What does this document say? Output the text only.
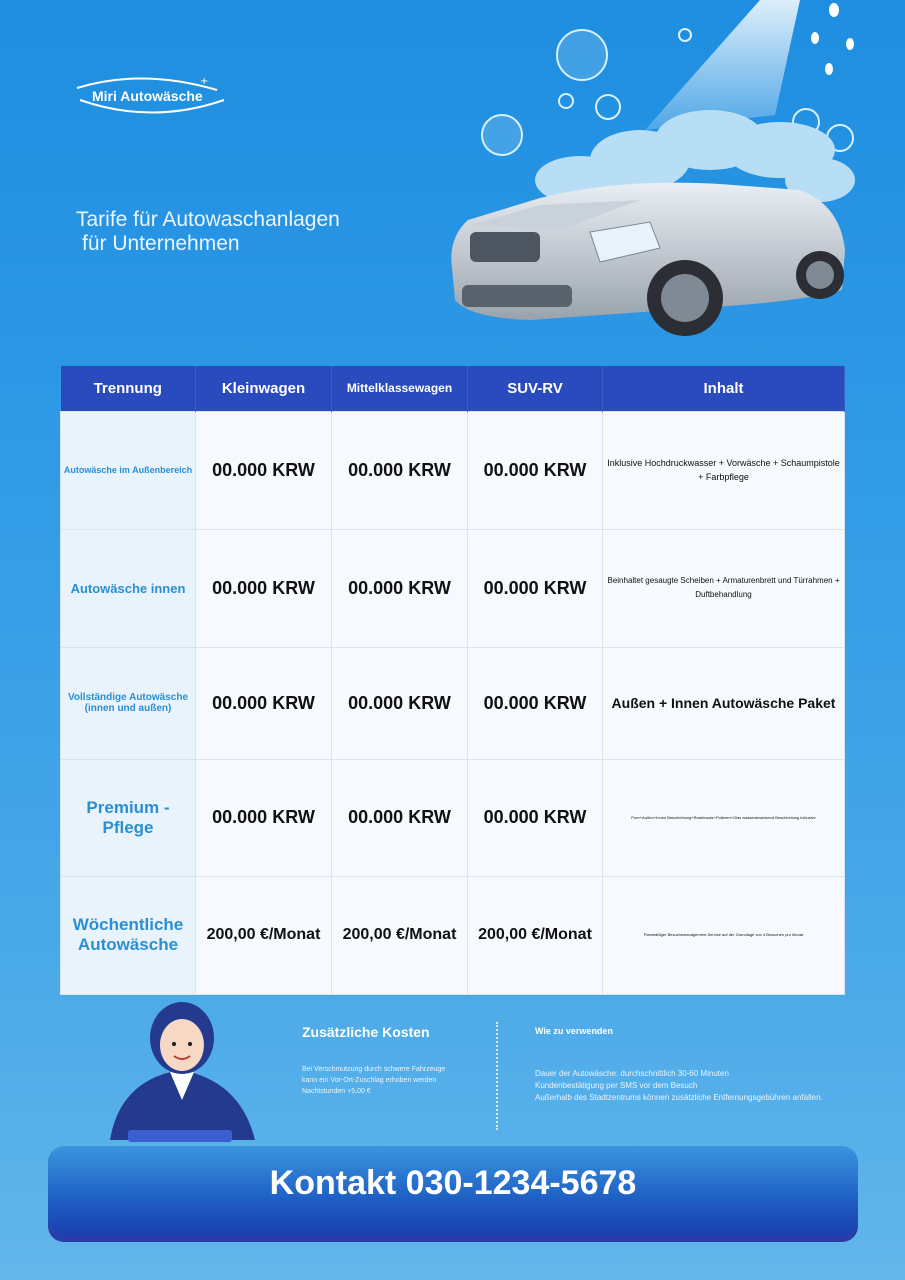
+
Miri Autowäsche
Tarife für Autowaschanlagen
für Unternehmen
Trennung	Kleinwagen	Mittelklassewagen	SUV-RV	Inhalt
Autowäsche im Außenbereich	00.000 KRW	00.000 KRW	00.000 KRW	Inklusive Hochdruckwasser + Vorwäsche + Schaumpistole + Farbpflege
Autowäsche innen	00.000 KRW	00.000 KRW	00.000 KRW	Beinhaltet gesaugte Scheiben + Armaturenbrett und Türrahmen + Duftbehandlung
Vollständige Autowäsche (innen und außen)	00.000 KRW	00.000 KRW	00.000 KRW	Außen + Innen Autowäsche Paket
Premium -Pflege	00.000 KRW	00.000 KRW	00.000 KRW	Pure+Außen+Innen Beschichtung+Radeinsatz+Polieren+Glas wasserabweisend Beschichtung inklusive
Wöchentliche Autowäsche	200,00 €/Monat	200,00 €/Monat	200,00 €/Monat	Planmäßiger Besuchsmanagement-Service auf der Grundlage von 4 Besuchen pro Monat
Zusätzliche Kosten

Bei Verschmutzung durch schwere Fahrzeuge

kann ein Vor-Ort-Zuschlag erhoben werden

Nachtstunden +5,00 €

Wie zu verwenden

Dauer der Autowäsche: durchschnittlich 30-60 Minuten

Kundenbestätigung per SMS vor dem Besuch

Außerhalb des Stadtzentrums können zusätzliche Entfernungsgebühren anfallen.

Kontakt 030-1234-5678
